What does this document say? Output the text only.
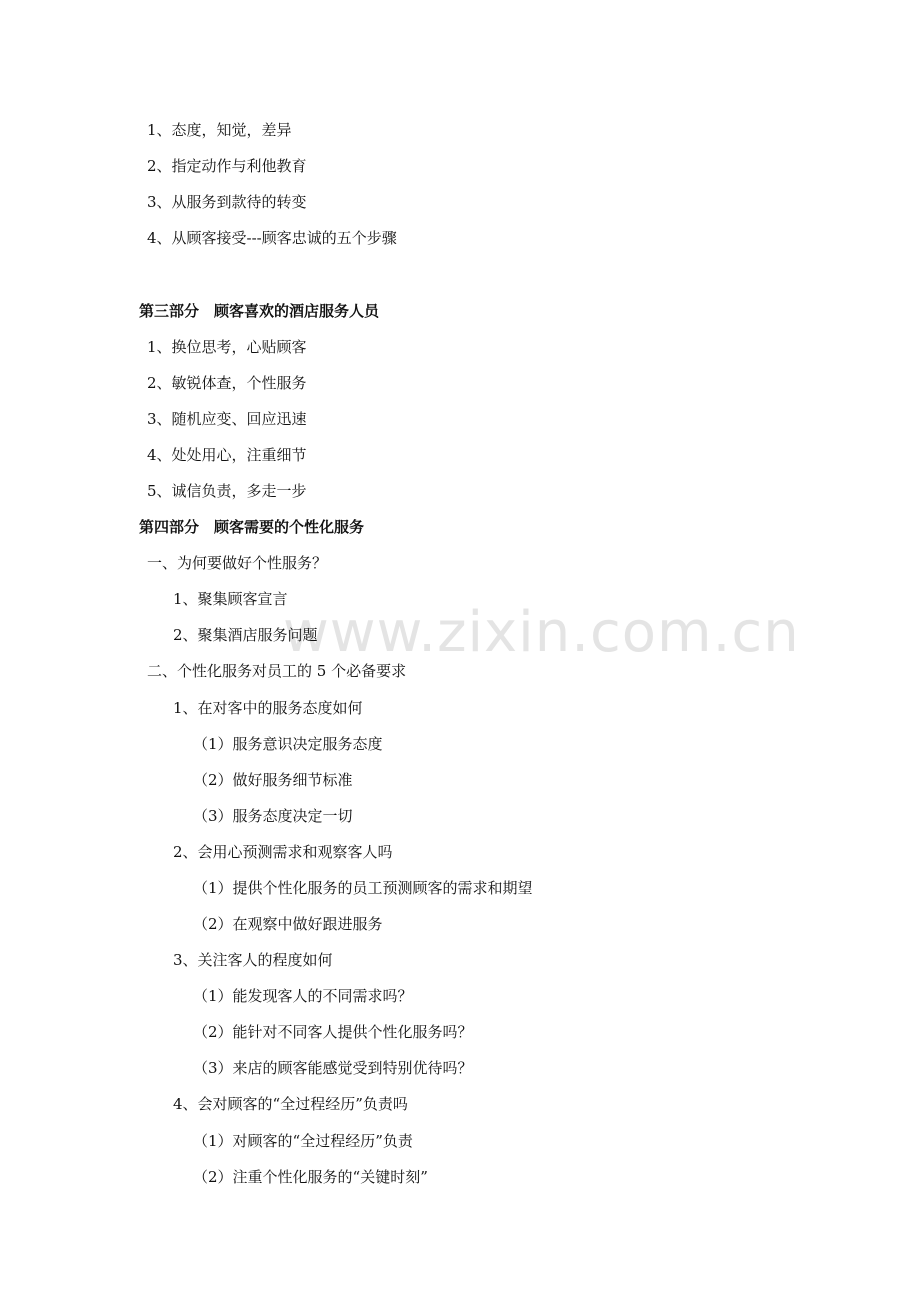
www.zixin.com.cn
1、态度，知觉，差异
2、指定动作与利他教育
3、从服务到款待的转变
4、从顾客接受---顾客忠诚的五个步骤
第三部分　顾客喜欢的酒店服务人员
1、换位思考，心贴顾客
2、敏锐体查，个性服务
3、随机应变、回应迅速
4、处处用心，注重细节
5、诚信负责，多走一步
第四部分　顾客需要的个性化服务
一、为何要做好个性服务？
1、聚集顾客宣言
2、聚集酒店服务问题
二、个性化服务对员工的 5 个必备要求
1、在对客中的服务态度如何
（1）服务意识决定服务态度
（2）做好服务细节标准
（3）服务态度决定一切
2、会用心预测需求和观察客人吗
（1）提供个性化服务的员工预测顾客的需求和期望
（2）在观察中做好跟进服务
3、关注客人的程度如何
（1）能发现客人的不同需求吗？
（2）能针对不同客人提供个性化服务吗？
（3）来店的顾客能感觉受到特别优待吗？
4、会对顾客的“全过程经历”负责吗
（1）对顾客的“全过程经历”负责
（2）注重个性化服务的“关键时刻”
